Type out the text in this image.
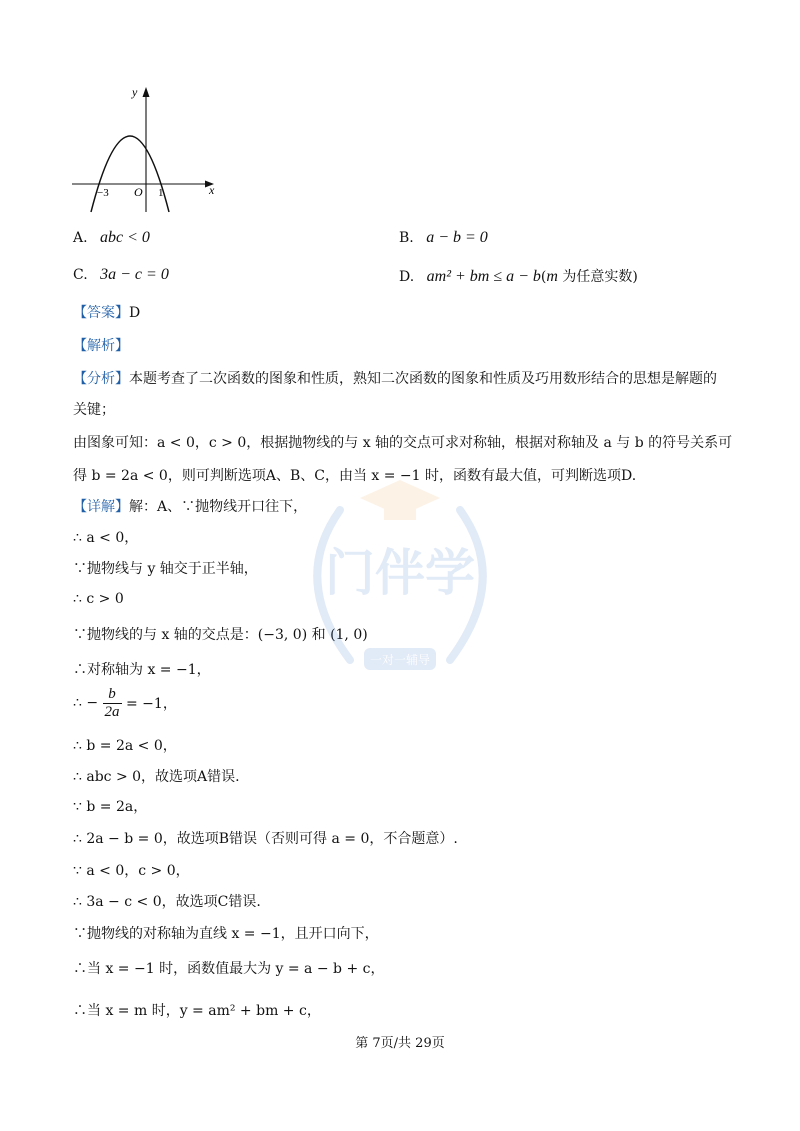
y
x
O
−3	1
A. abc < 0	B. a − b = 0
C. 3a − c = 0	D. am² + bm ≤ a − b(m 为任意实数)
【答案】D
【解析】
【分析】本题考查了二次函数的图象和性质，熟知二次函数的图象和性质及巧用数形结合的思想是解题的
关键；
由图象可知：a < 0，c > 0，根据抛物线的与 x 轴的交点可求对称轴，根据对称轴及 a 与 b 的符号关系可
得 b = 2a < 0，则可判断选项A、B、C，由当 x = −1 时，函数有最大值，可判断选项D.
【详解】解：A、∵抛物线开口往下，
∴ a < 0，
∵抛物线与 y 轴交于正半轴，
∴ c > 0
∵抛物线的与 x 轴的交点是：(−3, 0) 和 (1, 0)
∴对称轴为 x = −1，
∴ − $\frac{b}{2a} = -1$，
∴ b = 2a < 0，
∴ abc > 0，故选项A错误.
∵ b = 2a，
∴ 2a − b = 0，故选项B错误（否则可得 a = 0，不合题意）.
∵ a < 0，c > 0，
∴ 3a − c < 0，故选项C错误.
∵抛物线的对称轴为直线 x = −1，且开口向下，
∴当 x = −1 时，函数值最大为 y = a − b + c，
∴当 x = m 时，y = am² + bm + c，
门伴学
一对一辅导
第 7页/共 29页
